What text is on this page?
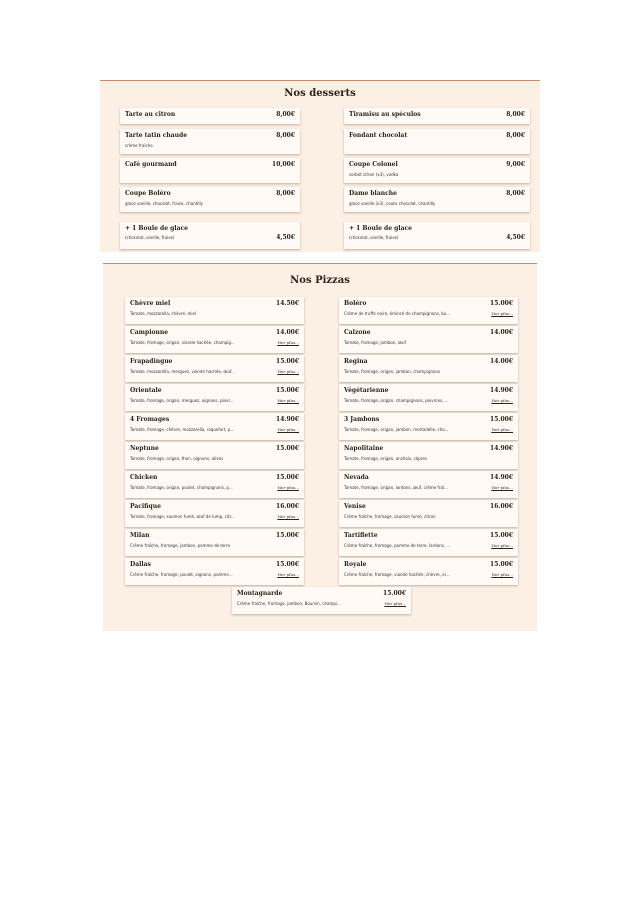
Nos desserts
Tarte au citron	8,00€	Tiramisu au spéculos	8,00€
Tarte tatin chaude	8,00€
crème fraîche
Fondant chocolat	8,00€
Café gourmand	10,00€	Coupe Colonel	9,00€
sorbet citron (x3), vodka
Coupe Boléro	8,00€
glace vanille, chocolat, fraise, chantilly
Dame blanche	8,00€
glace vanille (x3), coulis chocolat, chantilly
+ 1 Boule de glace
4,50€
(chocolat, vanille, fraise)
+ 1 Boule de glace
4,50€
(chocolat, vanille, fraise)
Nos Pizzas
Chèvre miel	14.50€
Tomate, mozzarella, chèvre, miel
Boléro	15.00€
Crème de truffe noire, émincé de champignons, bu...	Voir plus...
Campionne	14.00€
Tomate, fromage, origan, viande hachée, champig...	Voir plus...
Calzone	14.00€
Tomate, fromage, jambon, œuf
Frapadingue	15.00€
Tomate, mozzarella, merguez, viande hachée, œuf...	Voir plus...
Regina	14.00€
Tomate, fromage, origan, jambon, champignons
Orientale	15.00€
Tomate, fromage, origan, merguez, oignons, poivr...	Voir plus...
Végétarienne	14.90€
Tomate, fromage, origan, champignons, poivrons, ...	Voir plus...
4 Fromages	14.90€
Tomate, fromage, chèvre, mozzarella, roquefort, p...	Voir plus...
3 Jambons	15.00€
Tomate, fromage, origan, jambon, mortadelle, cho...	Voir plus...
Neptune	15.00€
Tomate, fromage, origan, thon, oignons, olives
Napolitaine	14.90€
Tomate, fromage, origan, anchois, câpres
Chicken	15.00€
Tomate, fromage, origan, poulet, champignons, p...	Voir plus...
Nevada	14.90€
Tomate, fromage, origan, lardons, œuf, crème fraî...	Voir plus...
Pacifique	16.00€
Tomate, fromage, saumon fumé, œuf de lump, citr...	Voir plus...
Venise	16.00€
Crème fraîche, fromage, saumon fumé, citron
Milan	15.00€
Crème fraîche, fromage, jambon, pomme de terre
Tartiflette	15.00€
Crème fraîche, fromage, pomme de terre, lardons, ...	Voir plus...
Dallas	15.00€
Crème fraîche, fromage, poulet, oignons, pomme...	Voir plus...
Royale	15.00€
Crème fraîche, fromage, viande hachée, chèvre, oi...	Voir plus...
Montagnarde	15.00€
Crème fraîche, fromage, jambon, Boursin, champi...	Voir plus...
